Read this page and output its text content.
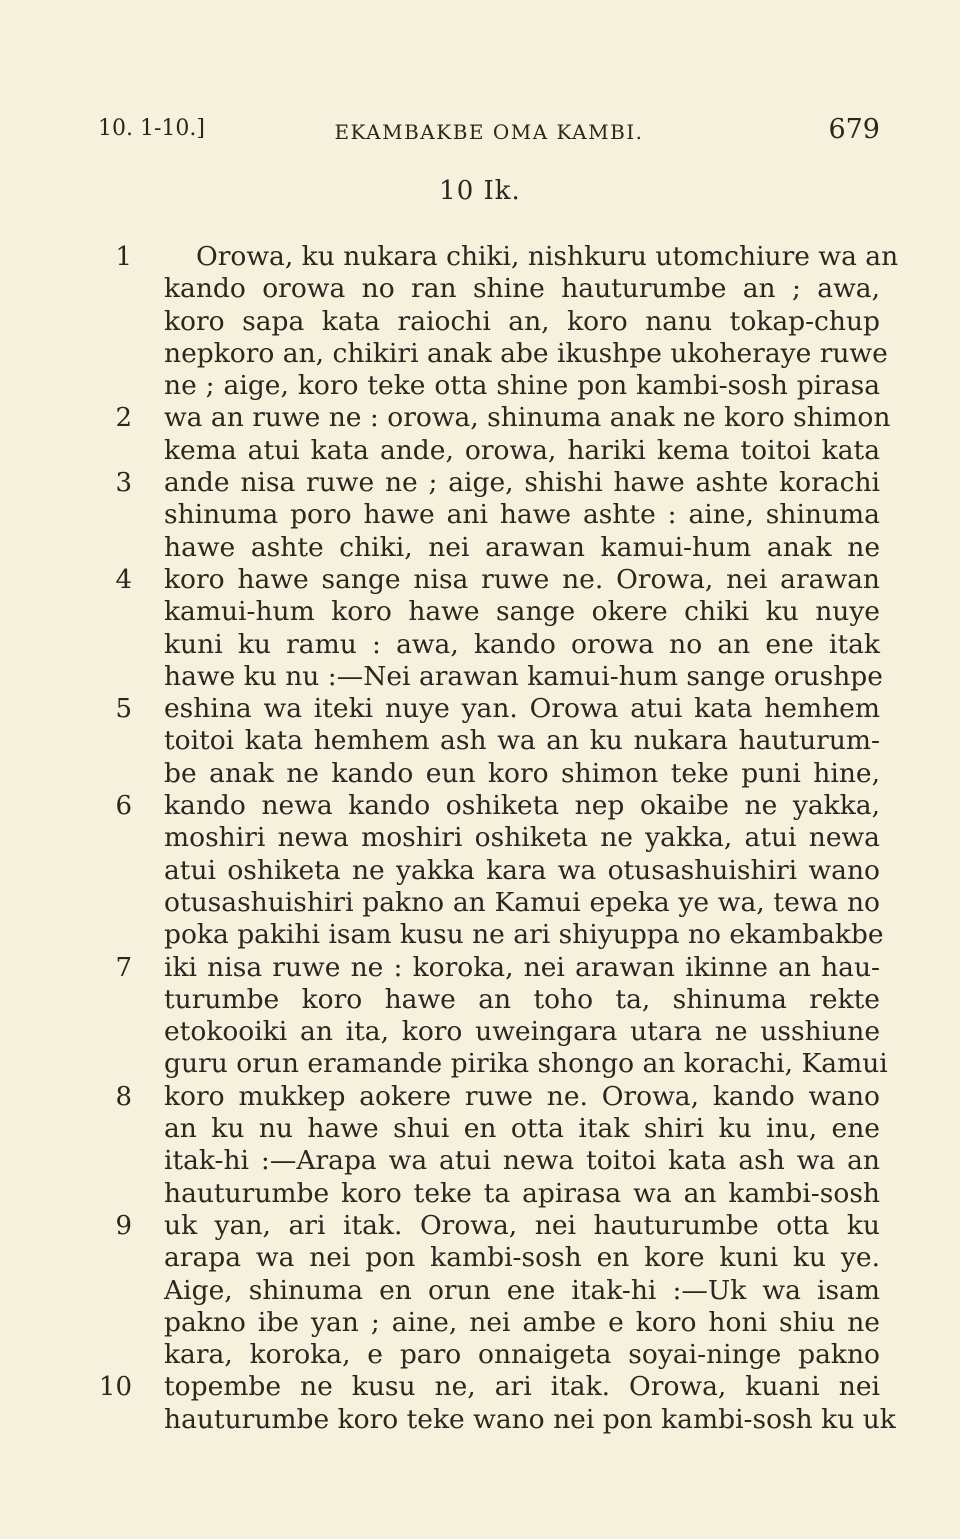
10. 1-10.]	EKAMBAKBE OMA KAMBI.	679
10 Ik.
1 Orowa, ku nukara chiki, nishkuru utomchiure wa an
kando orowa no ran shine hauturumbe an ; awa,
koro sapa kata raiochi an, koro nanu tokap-chup
nepkoro an, chikiri anak abe ikushpe ukoheraye ruwe
ne ; aige, koro teke otta shine pon kambi-sosh pirasa
2 wa an ruwe ne : orowa, shinuma anak ne koro shimon
kema atui kata ande, orowa, hariki kema toitoi kata
3 ande nisa ruwe ne ; aige, shishi hawe ashte korachi
shinuma poro hawe ani hawe ashte : aine, shinuma
hawe ashte chiki, nei arawan kamui-hum anak ne
4 koro hawe sange nisa ruwe ne. Orowa, nei arawan
kamui-hum koro hawe sange okere chiki ku nuye
kuni ku ramu : awa, kando orowa no an ene itak
hawe ku nu :—Nei arawan kamui-hum sange orushpe
5 eshina wa iteki nuye yan. Orowa atui kata hemhem
toitoi kata hemhem ash wa an ku nukara hauturum-
be anak ne kando eun koro shimon teke puni hine,
6 kando newa kando oshiketa nep okaibe ne yakka,
moshiri newa moshiri oshiketa ne yakka, atui newa
atui oshiketa ne yakka kara wa otusashuishiri wano
otusashuishiri pakno an Kamui epeka ye wa, tewa no
poka pakihi isam kusu ne ari shiyuppa no ekambakbe
7 iki nisa ruwe ne : koroka, nei arawan ikinne an hau-
turumbe koro hawe an toho ta, shinuma rekte
etokooiki an ita, koro uweingara utara ne usshiune
guru orun eramande pirika shongo an korachi, Kamui
8 koro mukkep aokere ruwe ne. Orowa, kando wano
an ku nu hawe shui en otta itak shiri ku inu, ene
itak-hi :—Arapa wa atui newa toitoi kata ash wa an
hauturumbe koro teke ta apirasa wa an kambi-sosh
9 uk yan, ari itak. Orowa, nei hauturumbe otta ku
arapa wa nei pon kambi-sosh en kore kuni ku ye.
Aige, shinuma en orun ene itak-hi :—Uk wa isam
pakno ibe yan ; aine, nei ambe e koro honi shiu ne
kara, koroka, e paro onnaigeta soyai-ninge pakno
10 topembe ne kusu ne, ari itak. Orowa, kuani nei
hauturumbe koro teke wano nei pon kambi-sosh ku uk
